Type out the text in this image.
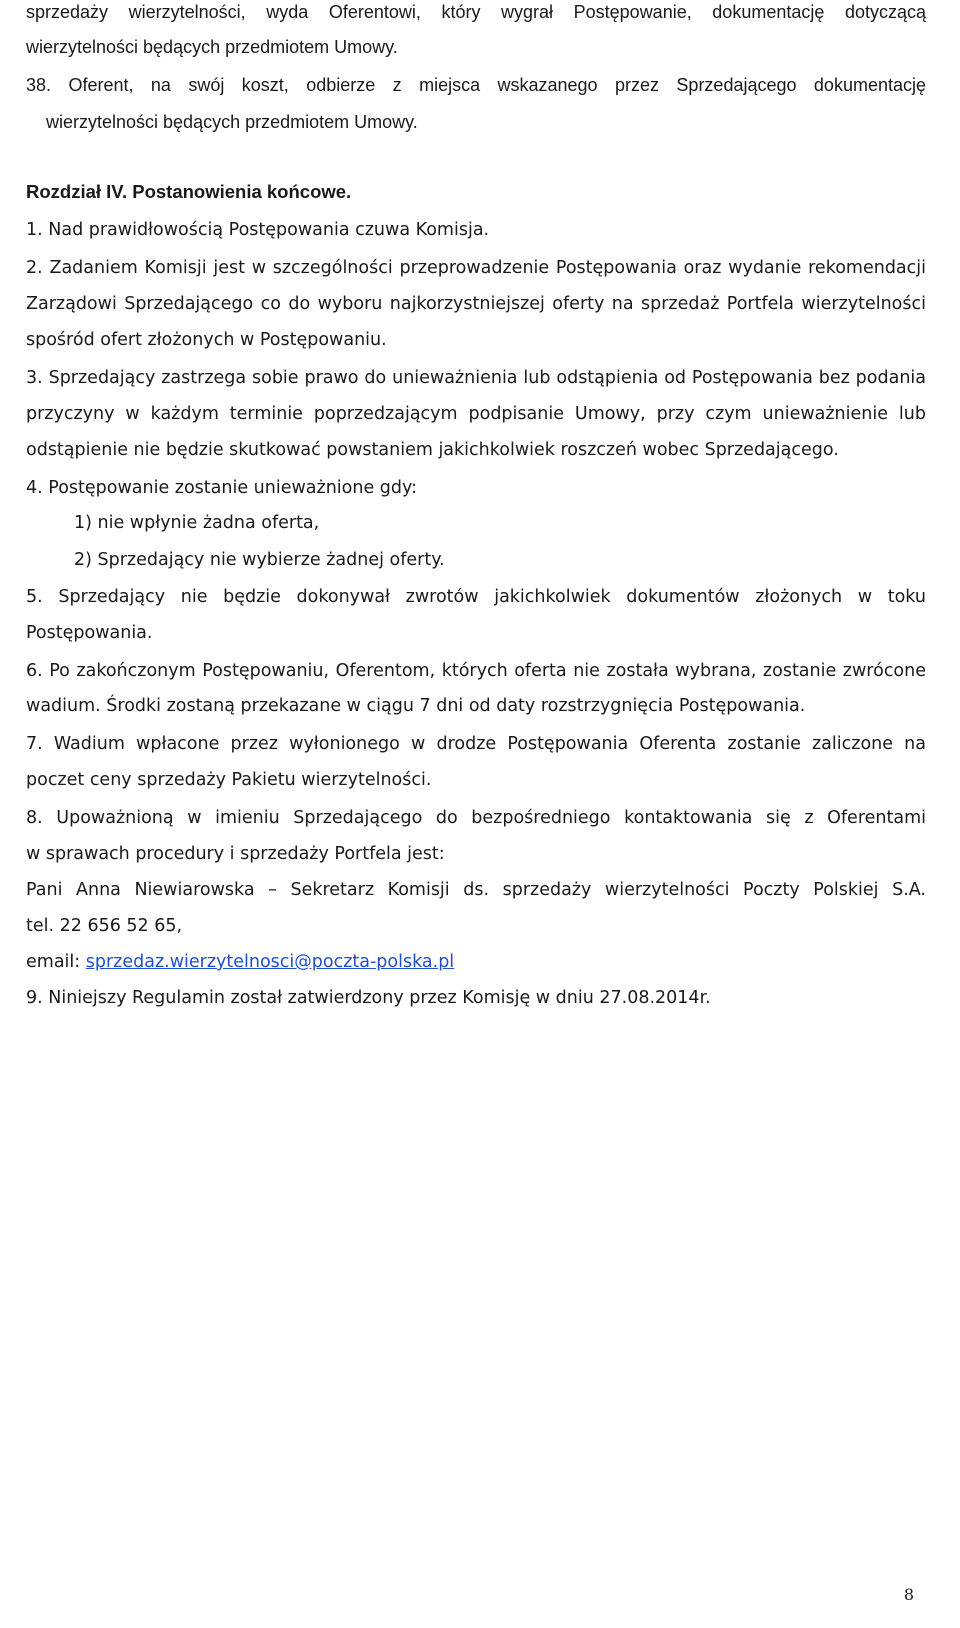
sprzedaży wierzytelności, wyda Oferentowi, który wygrał Postępowanie, dokumentację dotyczącą
wierzytelności będących przedmiotem Umowy.
38. Oferent, na swój koszt, odbierze z miejsca wskazanego przez Sprzedającego dokumentację
wierzytelności będących przedmiotem Umowy.
Rozdział IV. Postanowienia końcowe.
1. Nad prawidłowością Postępowania czuwa Komisja.
2. Zadaniem Komisji jest w szczególności przeprowadzenie Postępowania oraz wydanie rekomendacji
Zarządowi Sprzedającego co do wyboru najkorzystniejszej oferty na sprzedaż Portfela wierzytelności
spośród ofert złożonych w Postępowaniu.
3. Sprzedający zastrzega sobie prawo do unieważnienia lub odstąpienia od Postępowania bez podania
przyczyny w każdym terminie poprzedzającym podpisanie Umowy, przy czym unieważnienie lub
odstąpienie nie będzie skutkować powstaniem jakichkolwiek roszczeń wobec Sprzedającego.
4. Postępowanie zostanie unieważnione gdy:
1) nie wpłynie żadna oferta,
2) Sprzedający nie wybierze żadnej oferty.
5. Sprzedający nie będzie dokonywał zwrotów jakichkolwiek dokumentów złożonych w toku
Postępowania.
6. Po zakończonym Postępowaniu, Oferentom, których oferta nie została wybrana, zostanie zwrócone
wadium. Środki zostaną przekazane w ciągu 7 dni od daty rozstrzygnięcia Postępowania.
7. Wadium wpłacone przez wyłonionego w drodze Postępowania Oferenta zostanie zaliczone na
poczet ceny sprzedaży Pakietu wierzytelności.
8. Upoważnioną w imieniu Sprzedającego do bezpośredniego kontaktowania się z Oferentami
w sprawach procedury i sprzedaży Portfela jest:
Pani Anna Niewiarowska – Sekretarz Komisji ds. sprzedaży wierzytelności Poczty Polskiej S.A.
tel. 22 656 52 65,
email: sprzedaz.wierzytelnosci@poczta-polska.pl
9. Niniejszy Regulamin został zatwierdzony przez Komisję w dniu 27.08.2014r.
8
